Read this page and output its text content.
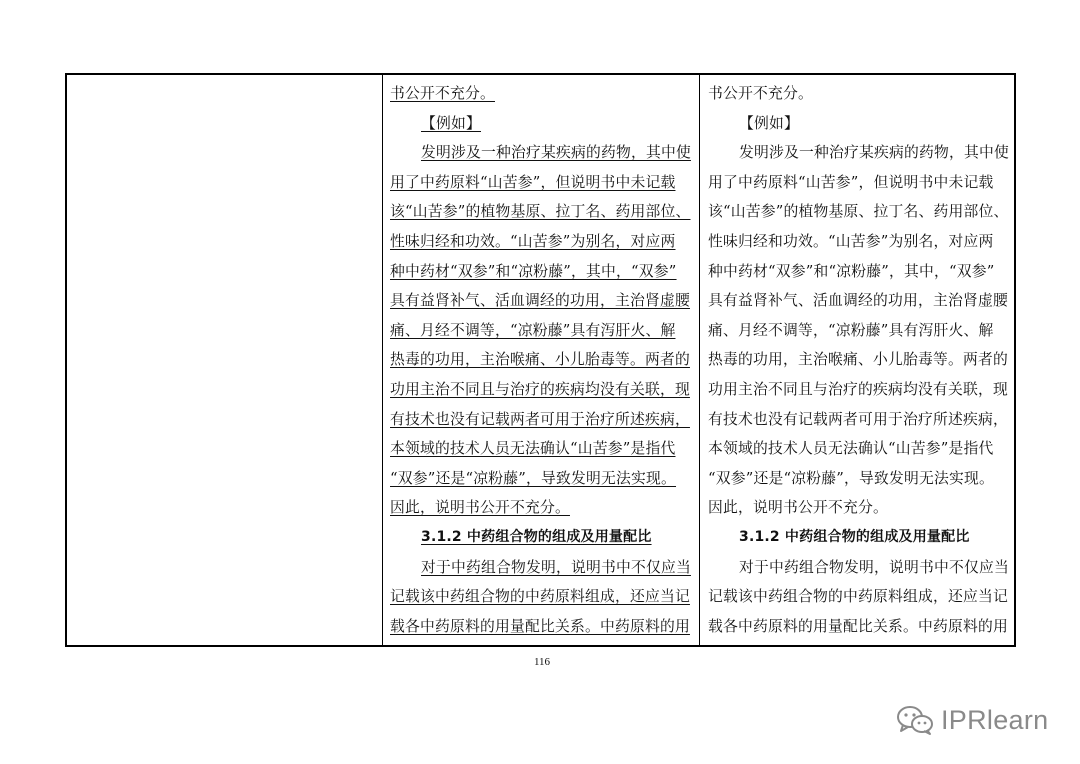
书公开不充分。
【例如】
发明涉及一种治疗某疾病的药物，其中使
用了中药原料“山苦参”，但说明书中未记载
该“山苦参”的植物基原、拉丁名、药用部位、
性味归经和功效。“山苦参”为别名，对应两
种中药材“双参”和“凉粉藤”，其中，“双参”
具有益肾补气、活血调经的功用，主治肾虚腰
痛、月经不调等，“凉粉藤”具有泻肝火、解
热毒的功用，主治喉痛、小儿胎毒等。两者的
功用主治不同且与治疗的疾病均没有关联，现
有技术也没有记载两者可用于治疗所述疾病，
本领域的技术人员无法确认“山苦参”是指代
“双参”还是“凉粉藤”，导致发明无法实现。
因此，说明书公开不充分。
3.1.2 中药组合物的组成及用量配比
对于中药组合物发明，说明书中不仅应当
记载该中药组合物的中药原料组成，还应当记
载各中药原料的用量配比关系。中药原料的用
书公开不充分。
【例如】
发明涉及一种治疗某疾病的药物，其中使
用了中药原料“山苦参”，但说明书中未记载
该“山苦参”的植物基原、拉丁名、药用部位、
性味归经和功效。“山苦参”为别名，对应两
种中药材“双参”和“凉粉藤”，其中，“双参”
具有益肾补气、活血调经的功用，主治肾虚腰
痛、月经不调等，“凉粉藤”具有泻肝火、解
热毒的功用，主治喉痛、小儿胎毒等。两者的
功用主治不同且与治疗的疾病均没有关联，现
有技术也没有记载两者可用于治疗所述疾病，
本领域的技术人员无法确认“山苦参”是指代
“双参”还是“凉粉藤”，导致发明无法实现。
因此，说明书公开不充分。
3.1.2 中药组合物的组成及用量配比
对于中药组合物发明，说明书中不仅应当
记载该中药组合物的中药原料组成，还应当记
载各中药原料的用量配比关系。中药原料的用
116
IPRlearn
